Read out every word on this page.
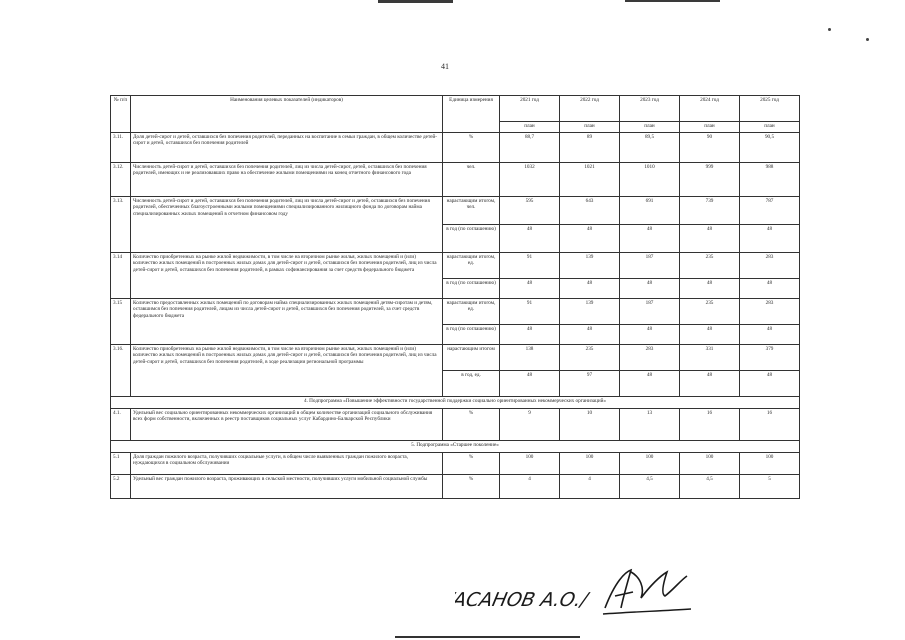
41
№ п/п	Наименования целевых показателей (индикаторов)	Единица измерения	2021 год	2022 год	2023 год	2024 год	2025 год
			план	план	план	план	план
3.11.	Доля детей-сирот и детей, оставшихся без попечения родителей, переданных на воспитание в семьи граждан, в общем количестве детей-сирот и детей, оставшихся без попечения родителей	%	88,7	89	89,5	90	90,5
3.12.	Численность детей-сирот и детей, оставшихся без попечения родителей, лиц из числа детей-сирот, детей, оставшихся без попечения родителей, имеющих и не реализовавших право на обеспечение жилыми помещениями на конец отчетного финансового года	чел.	1032	1021	1010	999	988
3.13.	Численность детей-сирот и детей, оставшихся без попечения родителей, лиц из числа детей-сирот и детей, оставшихся без попечения родителей, обеспеченных благоустроенными жилыми помещениями специализированного жилищного фонда по договорам найма специализированных жилых помещений в отчетном финансовом году	нарастающим итогом, чел.	595	643	691	739	787
		в год (по соглашению)	48	48	48	48	48
3.14	Количество приобретенных на рынке жилой недвижимости, в том числе на вторичном рынке жилья, жилых помещений и (или) количество жилых помещений в построенных жилых домах для детей-сирот и детей, оставшихся без попечения родителей, лиц из числа детей-сирот и детей, оставшихся без попечения родителей, в рамках софинансирования за счет средств федерального бюджета	нарастающим итогом, ед.	91	139	187	235	283
		в год (по соглашению)	48	48	48	48	48
3.15	Количество предоставленных жилых помещений по договорам найма специализированных жилых помещений детям-сиротам и детям, оставшимся без попечения родителей, лицам из числа детей-сирот и детей, оставшихся без попечения родителей, за счет средств федерального бюджета	нарастающим итогом, ед.	91	139	187	235	283
		в год (по соглашению)	48	48	48	48	48
3.16.	Количество приобретенных на рынке жилой недвижимости, в том числе на вторичном рынке жилья, жилых помещений и (или) количество жилых помещений в построенных жилых домах для детей-сирот и детей, оставшихся без попечения родителей, лиц из числа детей-сирот и детей, оставшихся без попечения родителей, в ходе реализации региональной программы	нарастающим итогом	138	235	283	331	379
		в год, ед.	48	97	48	48	48
4. Подпрограмма «Повышение эффективности государственной поддержки социально ориентированных некоммерческих организаций»							
4.1.	Удельный вес социально ориентированных некоммерческих организаций в общем количестве организаций социального обслуживания всех форм собственности, включенных в реестр поставщиков социальных услуг Кабардино-Балкарской Республики	%	9	10	13	16	16
5. Подпрограмма «Старшее поколение»							
5.1	Доля граждан пожилого возраста, получивших социальные услуги, в общем числе выявленных граждан пожилого возраста, нуждающихся в социальном обслуживании	%	100	100	100	100	100
5.2	Удельный вес граждан пожилого возраста, проживающих в сельской местности, получивших услуги мобильной социальной службы	%	4	4	4,5	4,5	5
/АСАНОВ А.О./
